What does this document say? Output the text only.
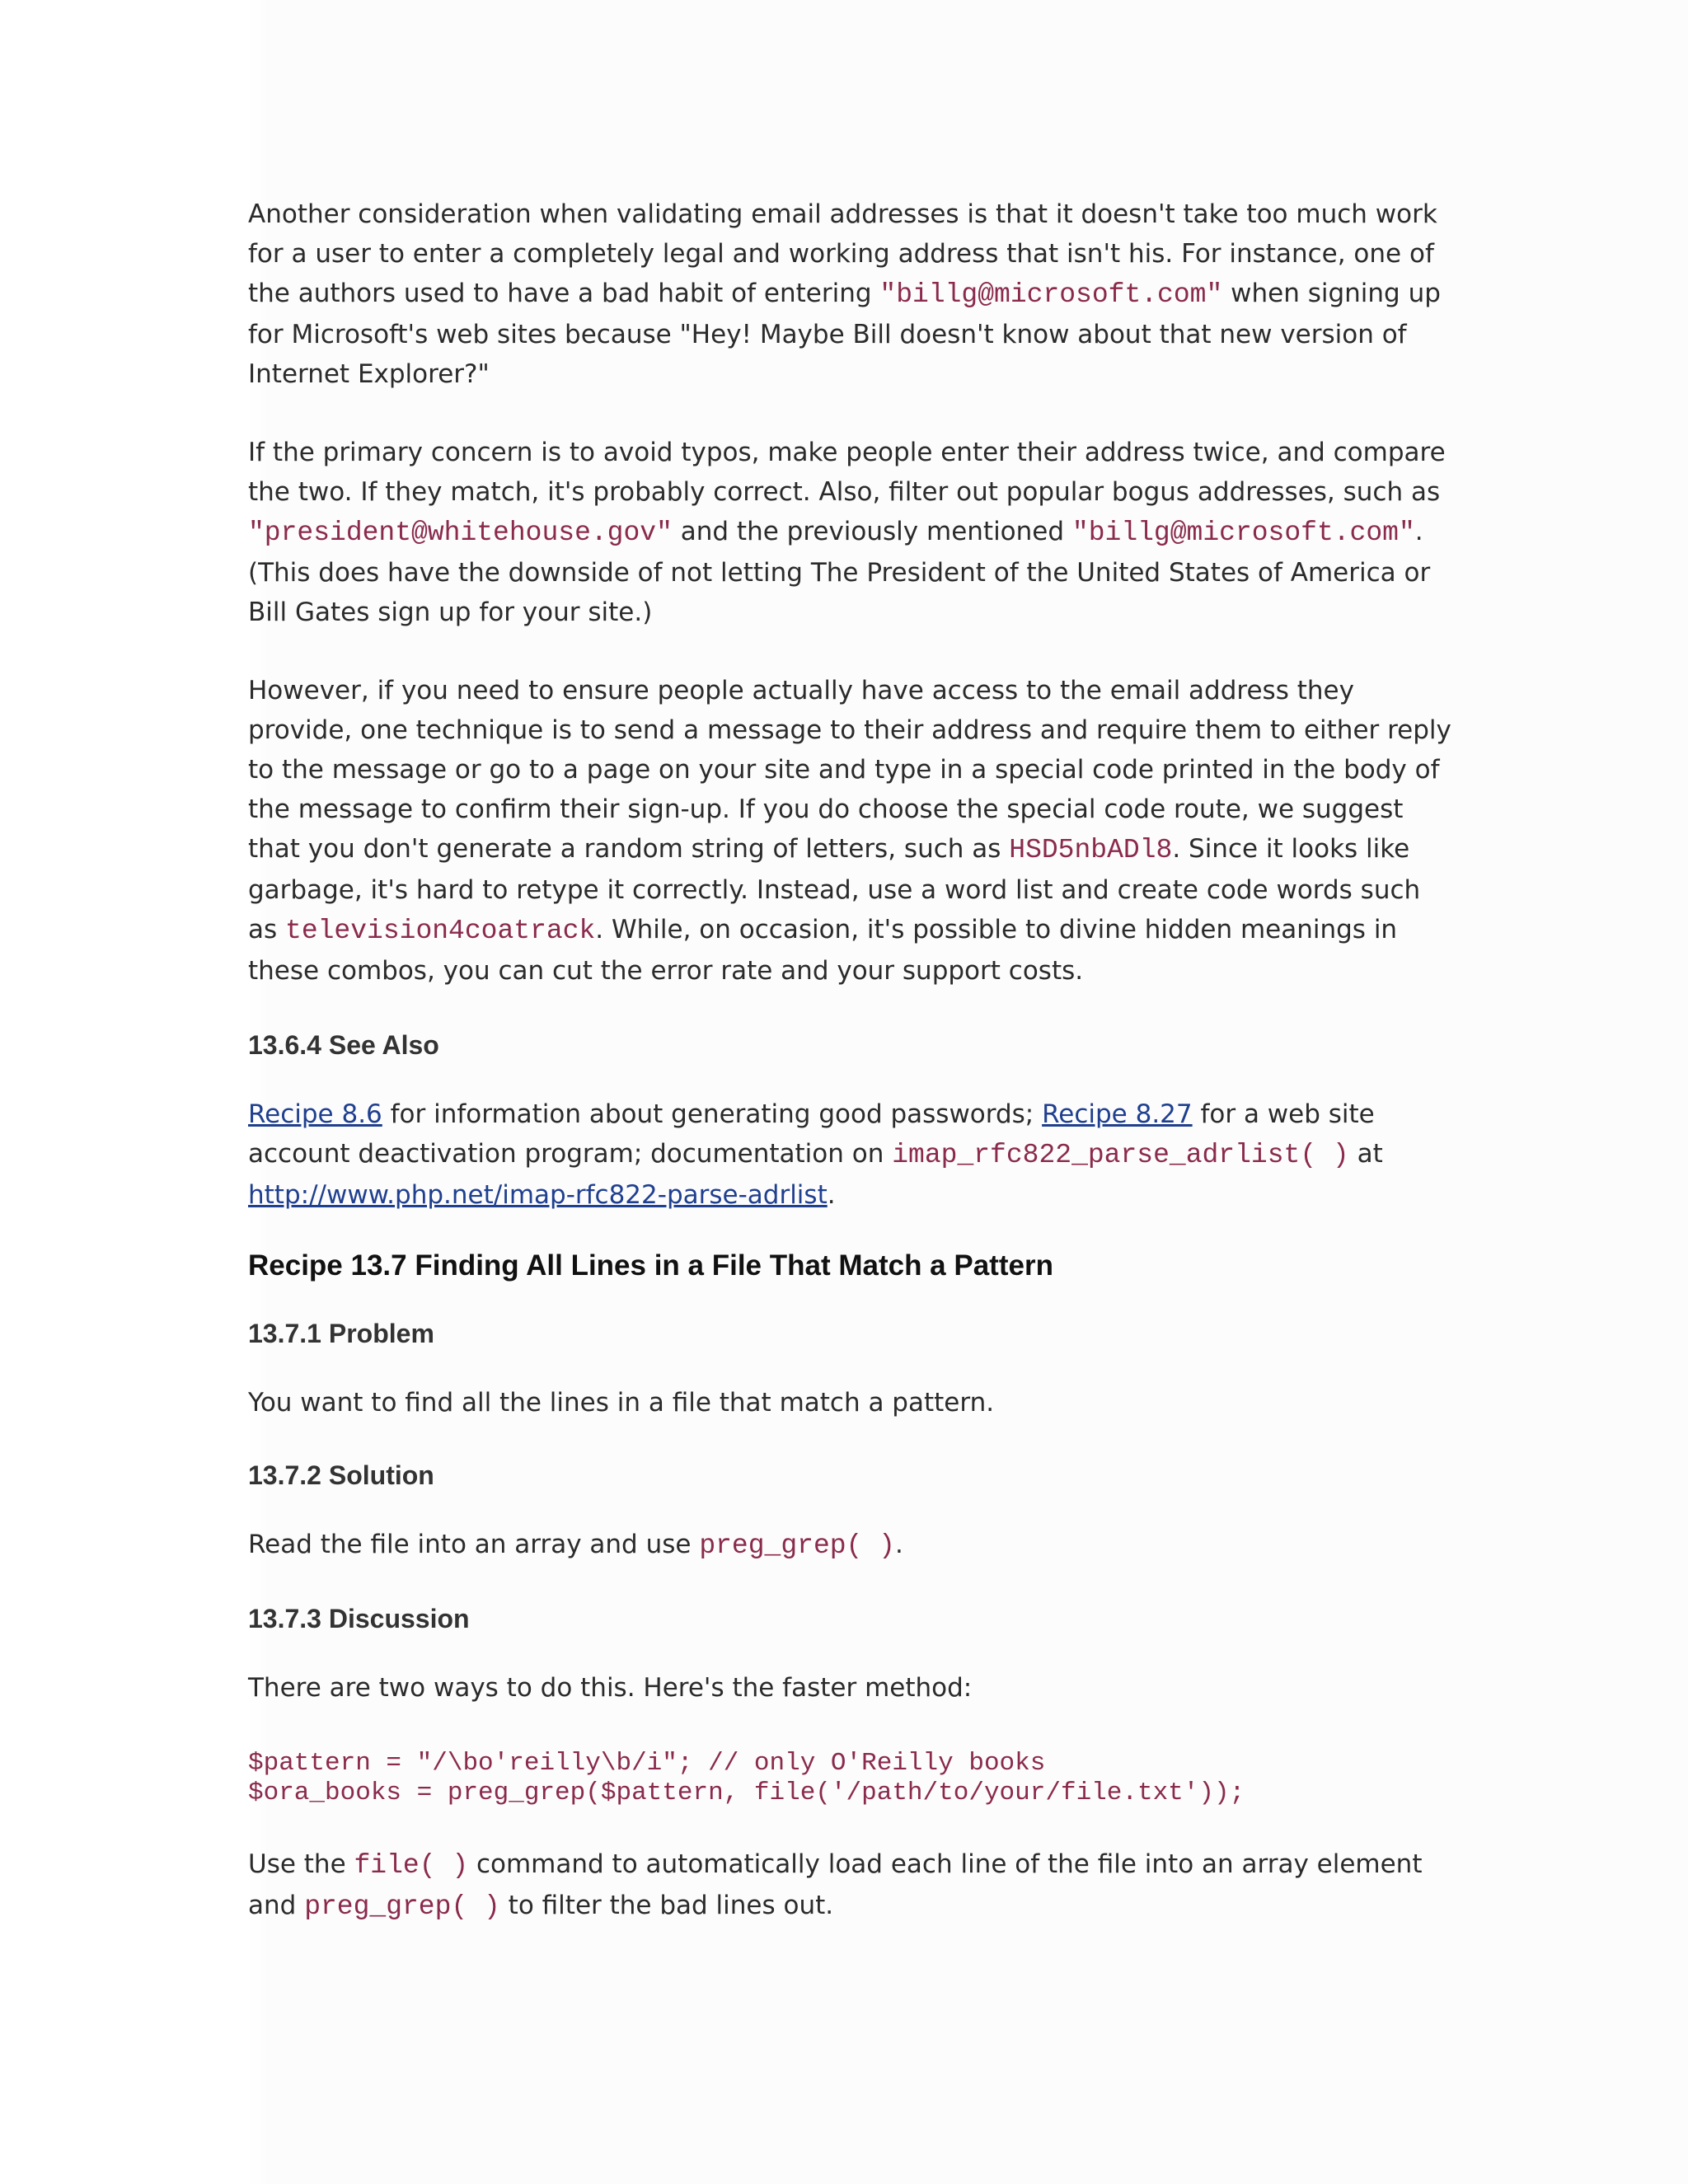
Another consideration when validating email addresses is that it doesn't take too much work for a user to enter a completely legal and working address that isn't his. For instance, one of the authors used to have a bad habit of entering "billg@microsoft.com" when signing up for Microsoft's web sites because "Hey! Maybe Bill doesn't know about that new version of Internet Explorer?"

If the primary concern is to avoid typos, make people enter their address twice, and compare the two. If they match, it's probably correct. Also, filter out popular bogus addresses, such as "president@whitehouse.gov" and the previously mentioned "billg@microsoft.com". (This does have the downside of not letting The President of the United States of America or Bill Gates sign up for your site.)

However, if you need to ensure people actually have access to the email address they provide, one technique is to send a message to their address and require them to either reply to the message or go to a page on your site and type in a special code printed in the body of the message to confirm their sign-up. If you do choose the special code route, we suggest that you don't generate a random string of letters, such as HSD5nbADl8. Since it looks like garbage, it's hard to retype it correctly. Instead, use a word list and create code words such as television4coatrack. While, on occasion, it's possible to divine hidden meanings in these combos, you can cut the error rate and your support costs.

13.6.4 See Also

Recipe 8.6 for information about generating good passwords; Recipe 8.27 for a web site account deactivation program; documentation on imap_rfc822_parse_adrlist( ) at http://www.php.net/imap-rfc822-parse-adrlist.

Recipe 13.7 Finding All Lines in a File That Match a Pattern
13.7.1 Problem

You want to find all the lines in a file that match a pattern.

13.7.2 Solution

Read the file into an array and use preg_grep( ).

13.7.3 Discussion

There are two ways to do this. Here's the faster method:

$pattern = "/\bo'reilly\b/i"; // only O'Reilly books
$ora_books = preg_grep($pattern, file('/path/to/your/file.txt'));

Use the file( ) command to automatically load each line of the file into an array element and preg_grep( ) to filter the bad lines out.
